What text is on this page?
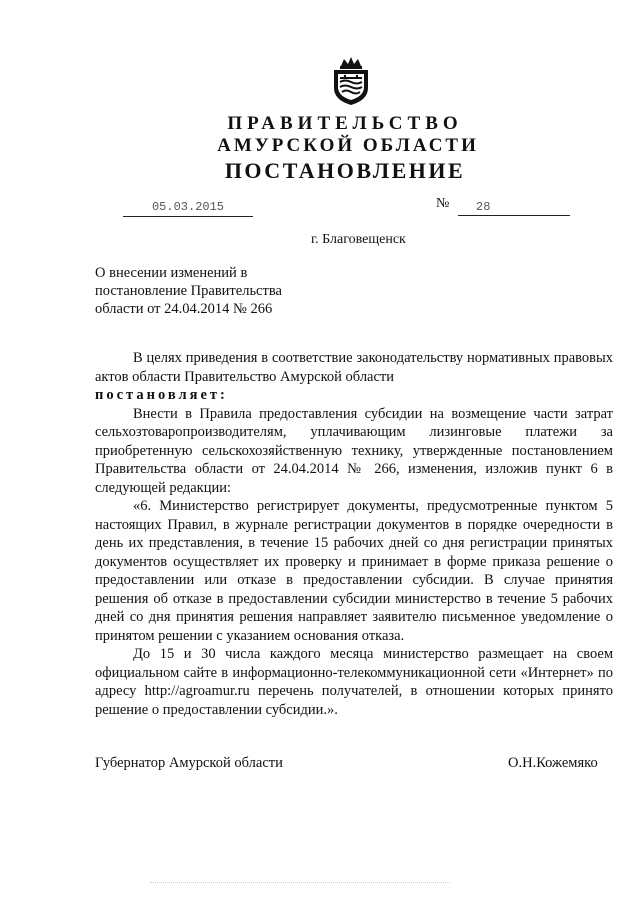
ПРАВИТЕЛЬСТВО
АМУРСКОЙ ОБЛАСТИ
ПОСТАНОВЛЕНИЕ
05.03.2015	№	28
г. Благовещенск
О внесении изменений в
постановление Правительства
области от 24.04.2014 № 266

В целях приведения в соответствие законодательству нормативных правовых актов области Правительство Амурской области

постановляет:

Внести в Правила предоставления субсидии на возмещение части затрат сельхозтоваропроизводителям, уплачивающим лизинговые платежи за приобретенную сельскохозяйственную технику, утвержденные постановлением Правительства области от 24.04.2014 № 266, изменения, изложив пункт 6 в следующей редакции:

«6. Министерство регистрирует документы, предусмотренные пунктом 5 настоящих Правил, в журнале регистрации документов в порядке очередности в день их представления, в течение 15 рабочих дней со дня регистрации принятых документов осуществляет их проверку и принимает в форме приказа решение о предоставлении или отказе в предоставлении субсидии. В случае принятия решения об отказе в предоставлении субсидии министерство в течение 5 рабочих дней со дня принятия решения направляет заявителю письменное уведомление о принятом решении с указанием основания отказа.

До 15 и 30 числа каждого месяца министерство размещает на своем официальном сайте в информационно-телекоммуникационной сети «Интернет» по адресу http://agroamur.ru перечень получателей, в отношении которых принято решение о предоставлении субсидии.».

Губернатор Амурской области	О.Н.Кожемяко
